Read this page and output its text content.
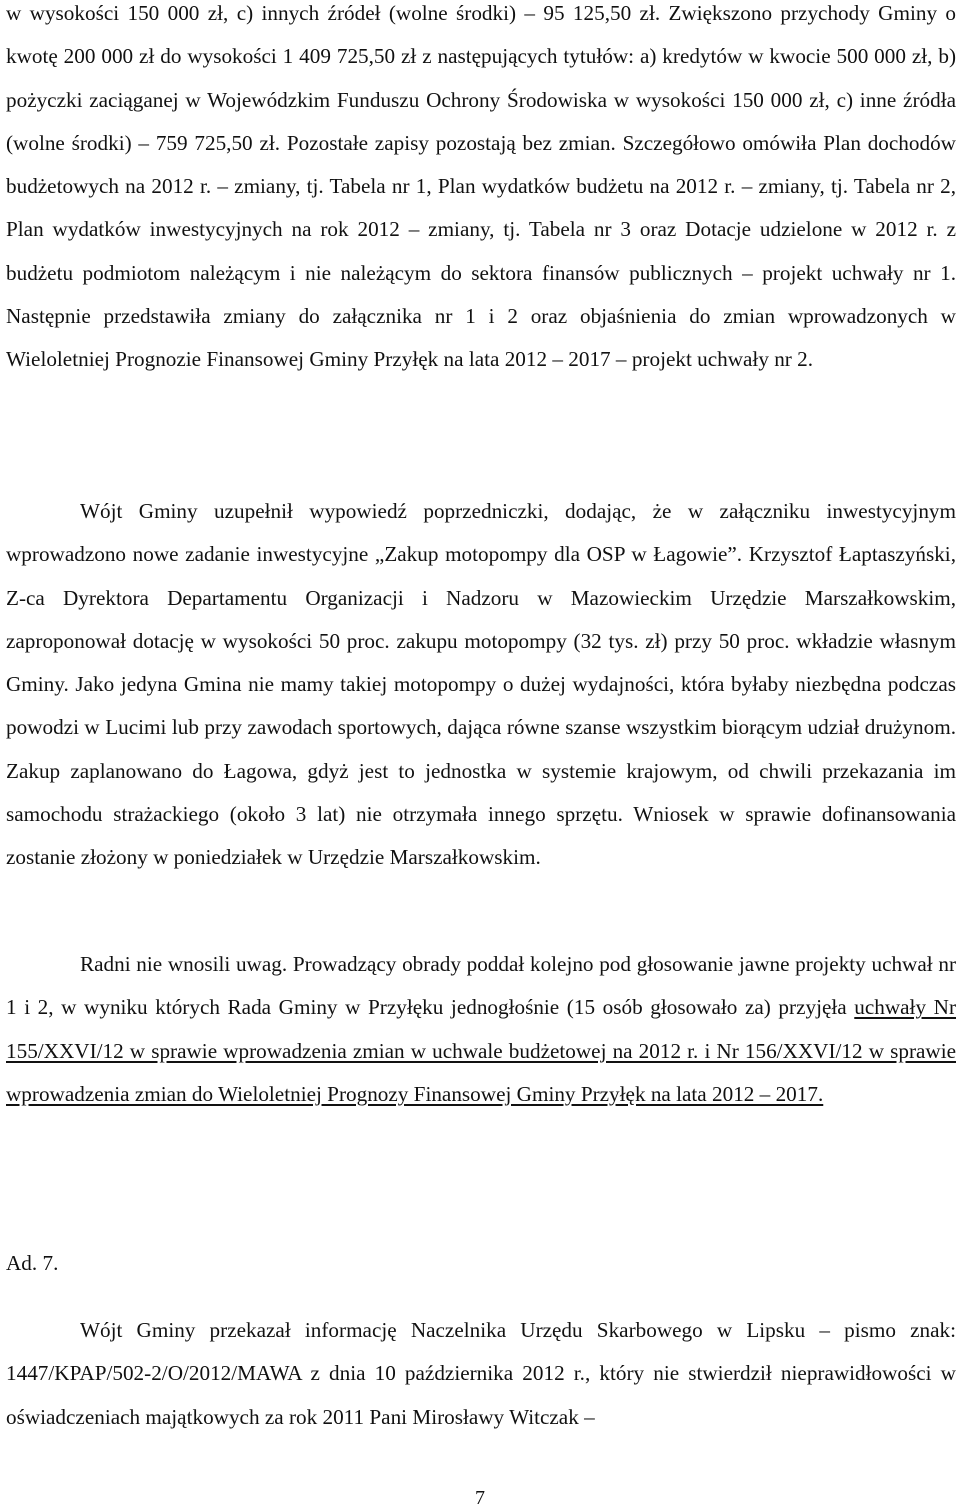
w wysokości 150 000 zł, c) innych źródeł (wolne środki) – 95 125,50 zł. Zwiększono przychody Gminy o kwotę 200 000 zł do wysokości 1 409 725,50 zł z następujących tytułów: a) kredytów w kwocie 500 000 zł, b) pożyczki zaciąganej w Wojewódzkim Funduszu Ochrony Środowiska w wysokości 150 000 zł, c) inne źródła (wolne środki) – 759 725,50 zł. Pozostałe zapisy pozostają bez zmian. Szczegółowo omówiła Plan dochodów budżetowych na 2012 r. – zmiany, tj. Tabela nr 1, Plan wydatków budżetu na 2012 r. – zmiany, tj. Tabela nr 2, Plan wydatków inwestycyjnych na rok 2012 – zmiany, tj. Tabela nr 3 oraz Dotacje udzielone w 2012 r. z budżetu podmiotom należącym i nie należącym do sektora finansów publicznych – projekt uchwały nr 1. Następnie przedstawiła zmiany do załącznika nr 1 i 2 oraz objaśnienia do zmian wprowadzonych w Wieloletniej Prognozie Finansowej Gminy Przyłęk na lata 2012 – 2017 – projekt uchwały nr 2.

Wójt Gminy uzupełnił wypowiedź poprzedniczki, dodając, że w załączniku inwestycyjnym wprowadzono nowe zadanie inwestycyjne „Zakup motopompy dla OSP w Łagowie”. Krzysztof Łaptaszyński, Z-ca Dyrektora Departamentu Organizacji i Nadzoru w Mazowieckim Urzędzie Marszałkowskim, zaproponował dotację w wysokości 50 proc. zakupu motopompy (32 tys. zł) przy 50 proc. wkładzie własnym Gminy. Jako jedyna Gmina nie mamy takiej motopompy o dużej wydajności, która byłaby niezbędna podczas powodzi w Lucimi lub przy zawodach sportowych, dająca równe szanse wszystkim biorącym udział drużynom. Zakup zaplanowano do Łagowa, gdyż jest to jednostka w systemie krajowym, od chwili przekazania im samochodu strażackiego (około 3 lat) nie otrzymała innego sprzętu. Wniosek w sprawie dofinansowania zostanie złożony w poniedziałek w Urzędzie Marszałkowskim.

Radni nie wnosili uwag. Prowadzący obrady poddał kolejno pod głosowanie jawne projekty uchwał nr 1 i 2, w wyniku których Rada Gminy w Przyłęku jednogłośnie (15 osób głosowało za) przyjęła uchwały Nr 155/XXVI/12 w sprawie wprowadzenia zmian w uchwale budżetowej na 2012 r. i Nr 156/XXVI/12 w sprawie wprowadzenia zmian do Wieloletniej Prognozy Finansowej Gminy Przyłęk na lata 2012 – 2017.

Ad. 7.

Wójt Gminy przekazał informację Naczelnika Urzędu Skarbowego w Lipsku – pismo znak: 1447/KPAP/502-2/O/2012/MAWA z dnia 10 października 2012 r., który nie stwierdził nieprawidłowości w oświadczeniach majątkowych za rok 2011 Pani Mirosławy Witczak –

7
